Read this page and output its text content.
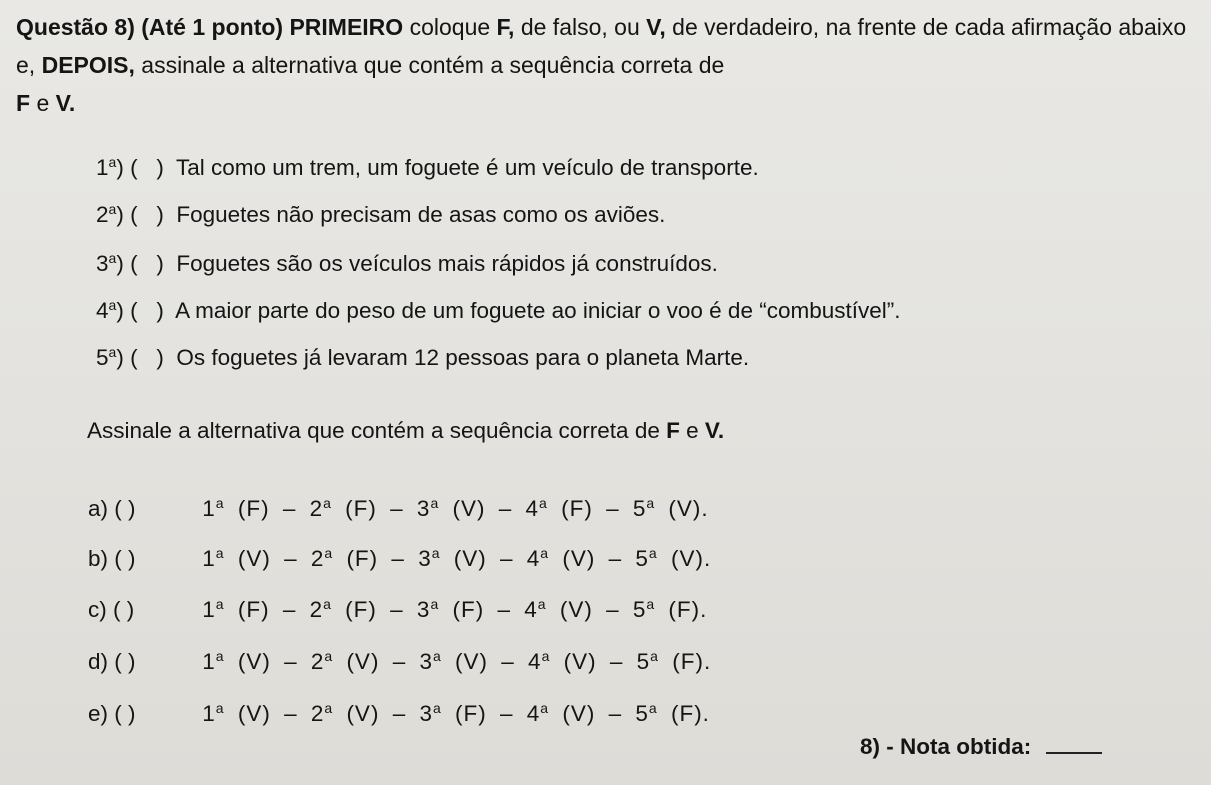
Questão 8) (Até 1 ponto) PRIMEIRO coloque F, de falso, ou V, de verdadeiro, na frente de cada afirmação abaixo e, DEPOIS, assinale a alternativa que contém a sequência correta de
F e V.
1$^a$) (   ) Tal como um trem, um foguete é um veículo de transporte.
2$^a$) (   ) Foguetes não precisam de asas como os aviões.
3$^a$) (   ) Foguetes são os veículos mais rápidos já construídos.
4$^a$) (   ) A maior parte do peso de um foguete ao iniciar o voo é de “combustível”.
5$^a$) (   ) Os foguetes já levaram 12 pessoas para o planeta Marte.
Assinale a alternativa que contém a sequência correta de F e V.
a) ( )	1$^a$ (F) – 2$^a$ (F) – 3$^a$ (V) – 4$^a$ (F) – 5$^a$ (V).
b) ( )	1$^a$ (V) – 2$^a$ (F) – 3$^a$ (V) – 4$^a$ (V) – 5$^a$ (V).
c) ( )	1$^a$ (F) – 2$^a$ (F) – 3$^a$ (F) – 4$^a$ (V) – 5$^a$ (F).
d) ( )	1$^a$ (V) – 2$^a$ (V) – 3$^a$ (V) – 4$^a$ (V) – 5$^a$ (F).
e) ( )	1$^a$ (V) – 2$^a$ (V) – 3$^a$ (F) – 4$^a$ (V) – 5$^a$ (F).
8) - Nota obtida:
